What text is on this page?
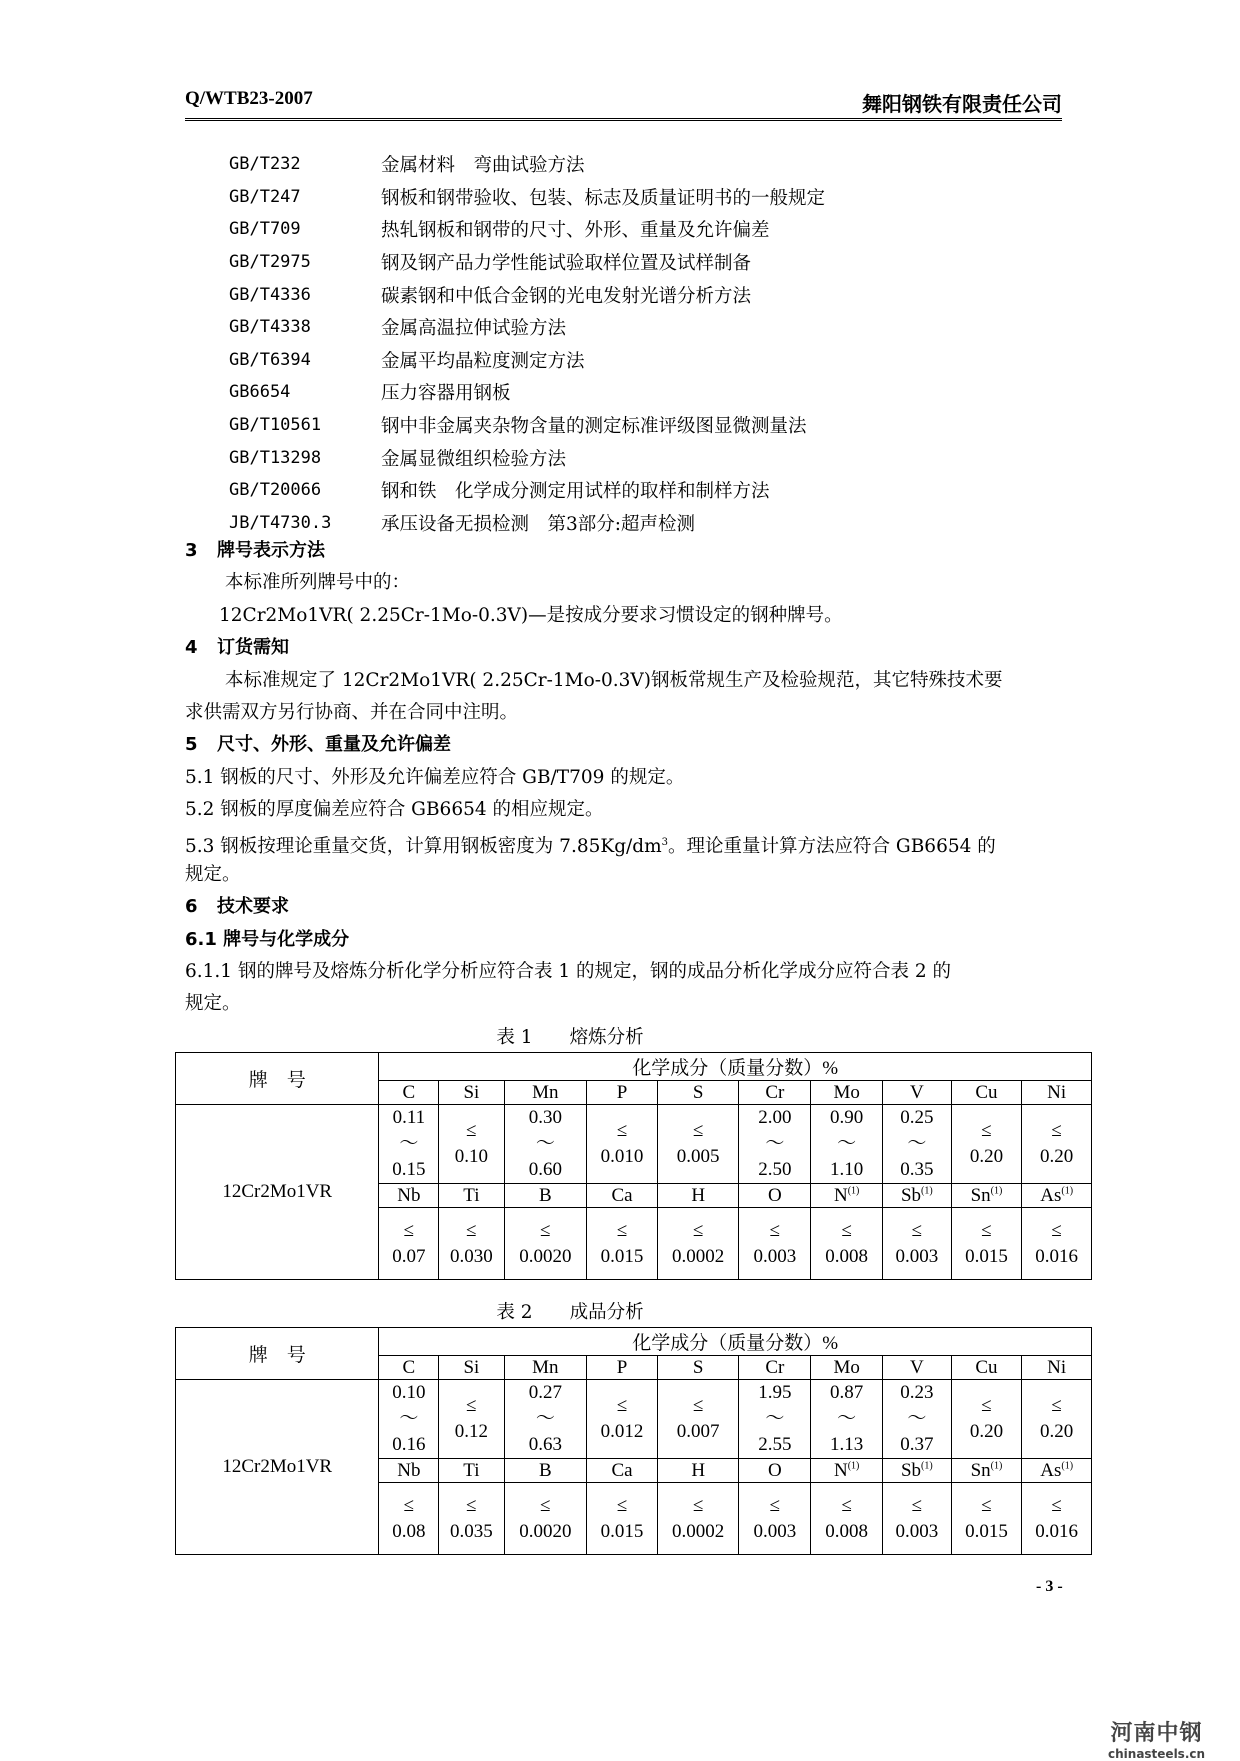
Q/WTB23-2007	舞阳钢铁有限责任公司
GB/T232	金属材料　弯曲试验方法
GB/T247	钢板和钢带验收、包装、标志及质量证明书的一般规定
GB/T709	热轧钢板和钢带的尺寸、外形、重量及允许偏差
GB/T2975	钢及钢产品力学性能试验取样位置及试样制备
GB/T4336	碳素钢和中低合金钢的光电发射光谱分析方法
GB/T4338	金属高温拉伸试验方法
GB/T6394	金属平均晶粒度测定方法
GB6654	压力容器用钢板
GB/T10561	钢中非金属夹杂物含量的测定标准评级图显微测量法
GB/T13298	金属显微组织检验方法
GB/T20066	钢和铁　化学成分测定用试样的取样和制样方法
JB/T4730.3	承压设备无损检测　第3部分:超声检测
3 牌号表示方法
本标准所列牌号中的：
12Cr2Mo1VR( 2.25Cr-1Mo-0.3V)—是按成分要求习惯设定的钢种牌号。
4 订货需知
本标准规定了 12Cr2Mo1VR( 2.25Cr-1Mo-0.3V)钢板常规生产及检验规范，其它特殊技术要
求供需双方另行协商、并在合同中注明。
5 尺寸、外形、重量及允许偏差
5.1 钢板的尺寸、外形及允许偏差应符合 GB/T709 的规定。
5.2 钢板的厚度偏差应符合 GB6654 的相应规定。
5.3 钢板按理论重量交货，计算用钢板密度为 $7.85Kg/dm^3$。理论重量计算方法应符合 GB6654 的
规定。
6 技术要求
6.1 牌号与化学成分
6.1.1 钢的牌号及熔炼分析化学分析应符合表 1 的规定，钢的成品分析化学成分应符合表 2 的
规定。
表 1　　熔炼分析
牌　号	化学成分（质量分数）%									
	C	Si	Mn	P	S	Cr	Mo	V	Cu	Ni
12Cr2Mo1VR	0.11
～
0.15	≤
0.10	0.30
～
0.60	≤
0.010	≤
0.005	2.00
～
2.50	0.90
～
1.10	0.25
～
0.35	≤
0.20	≤
0.20

	Nb	Ti	B	Ca	H	O	$N^{(1)}$	Sb$^{(1)}$	Sn$^{(1)}$	As$^{(1)}$

	≤
0.07	≤
0.030	≤
0.0020	≤
0.015	≤
0.0002	≤
0.003	≤
0.008	≤
0.003	≤
0.015	≤
0.016
表 2　　成品分析
牌　号	化学成分（质量分数）%									
	C	Si	Mn	P	S	Cr	Mo	V	Cu	Ni
12Cr2Mo1VR	0.10
～
0.16	≤
0.12	0.27
～
0.63	≤
0.012	≤
0.007	1.95
～
2.55	0.87
～
1.13	0.23
～
0.37	≤
0.20	≤
0.20

	Nb	Ti	B	Ca	H	O	$N^{(1)}$	Sb$^{(1)}$	Sn$^{(1)}$	As$^{(1)}$

	≤
0.08	≤
0.035	≤
0.0020	≤
0.015	≤
0.0002	≤
0.003	≤
0.008	≤
0.003	≤
0.015	≤
0.016
- 3 -
河南中钢
chinasteels.cn
